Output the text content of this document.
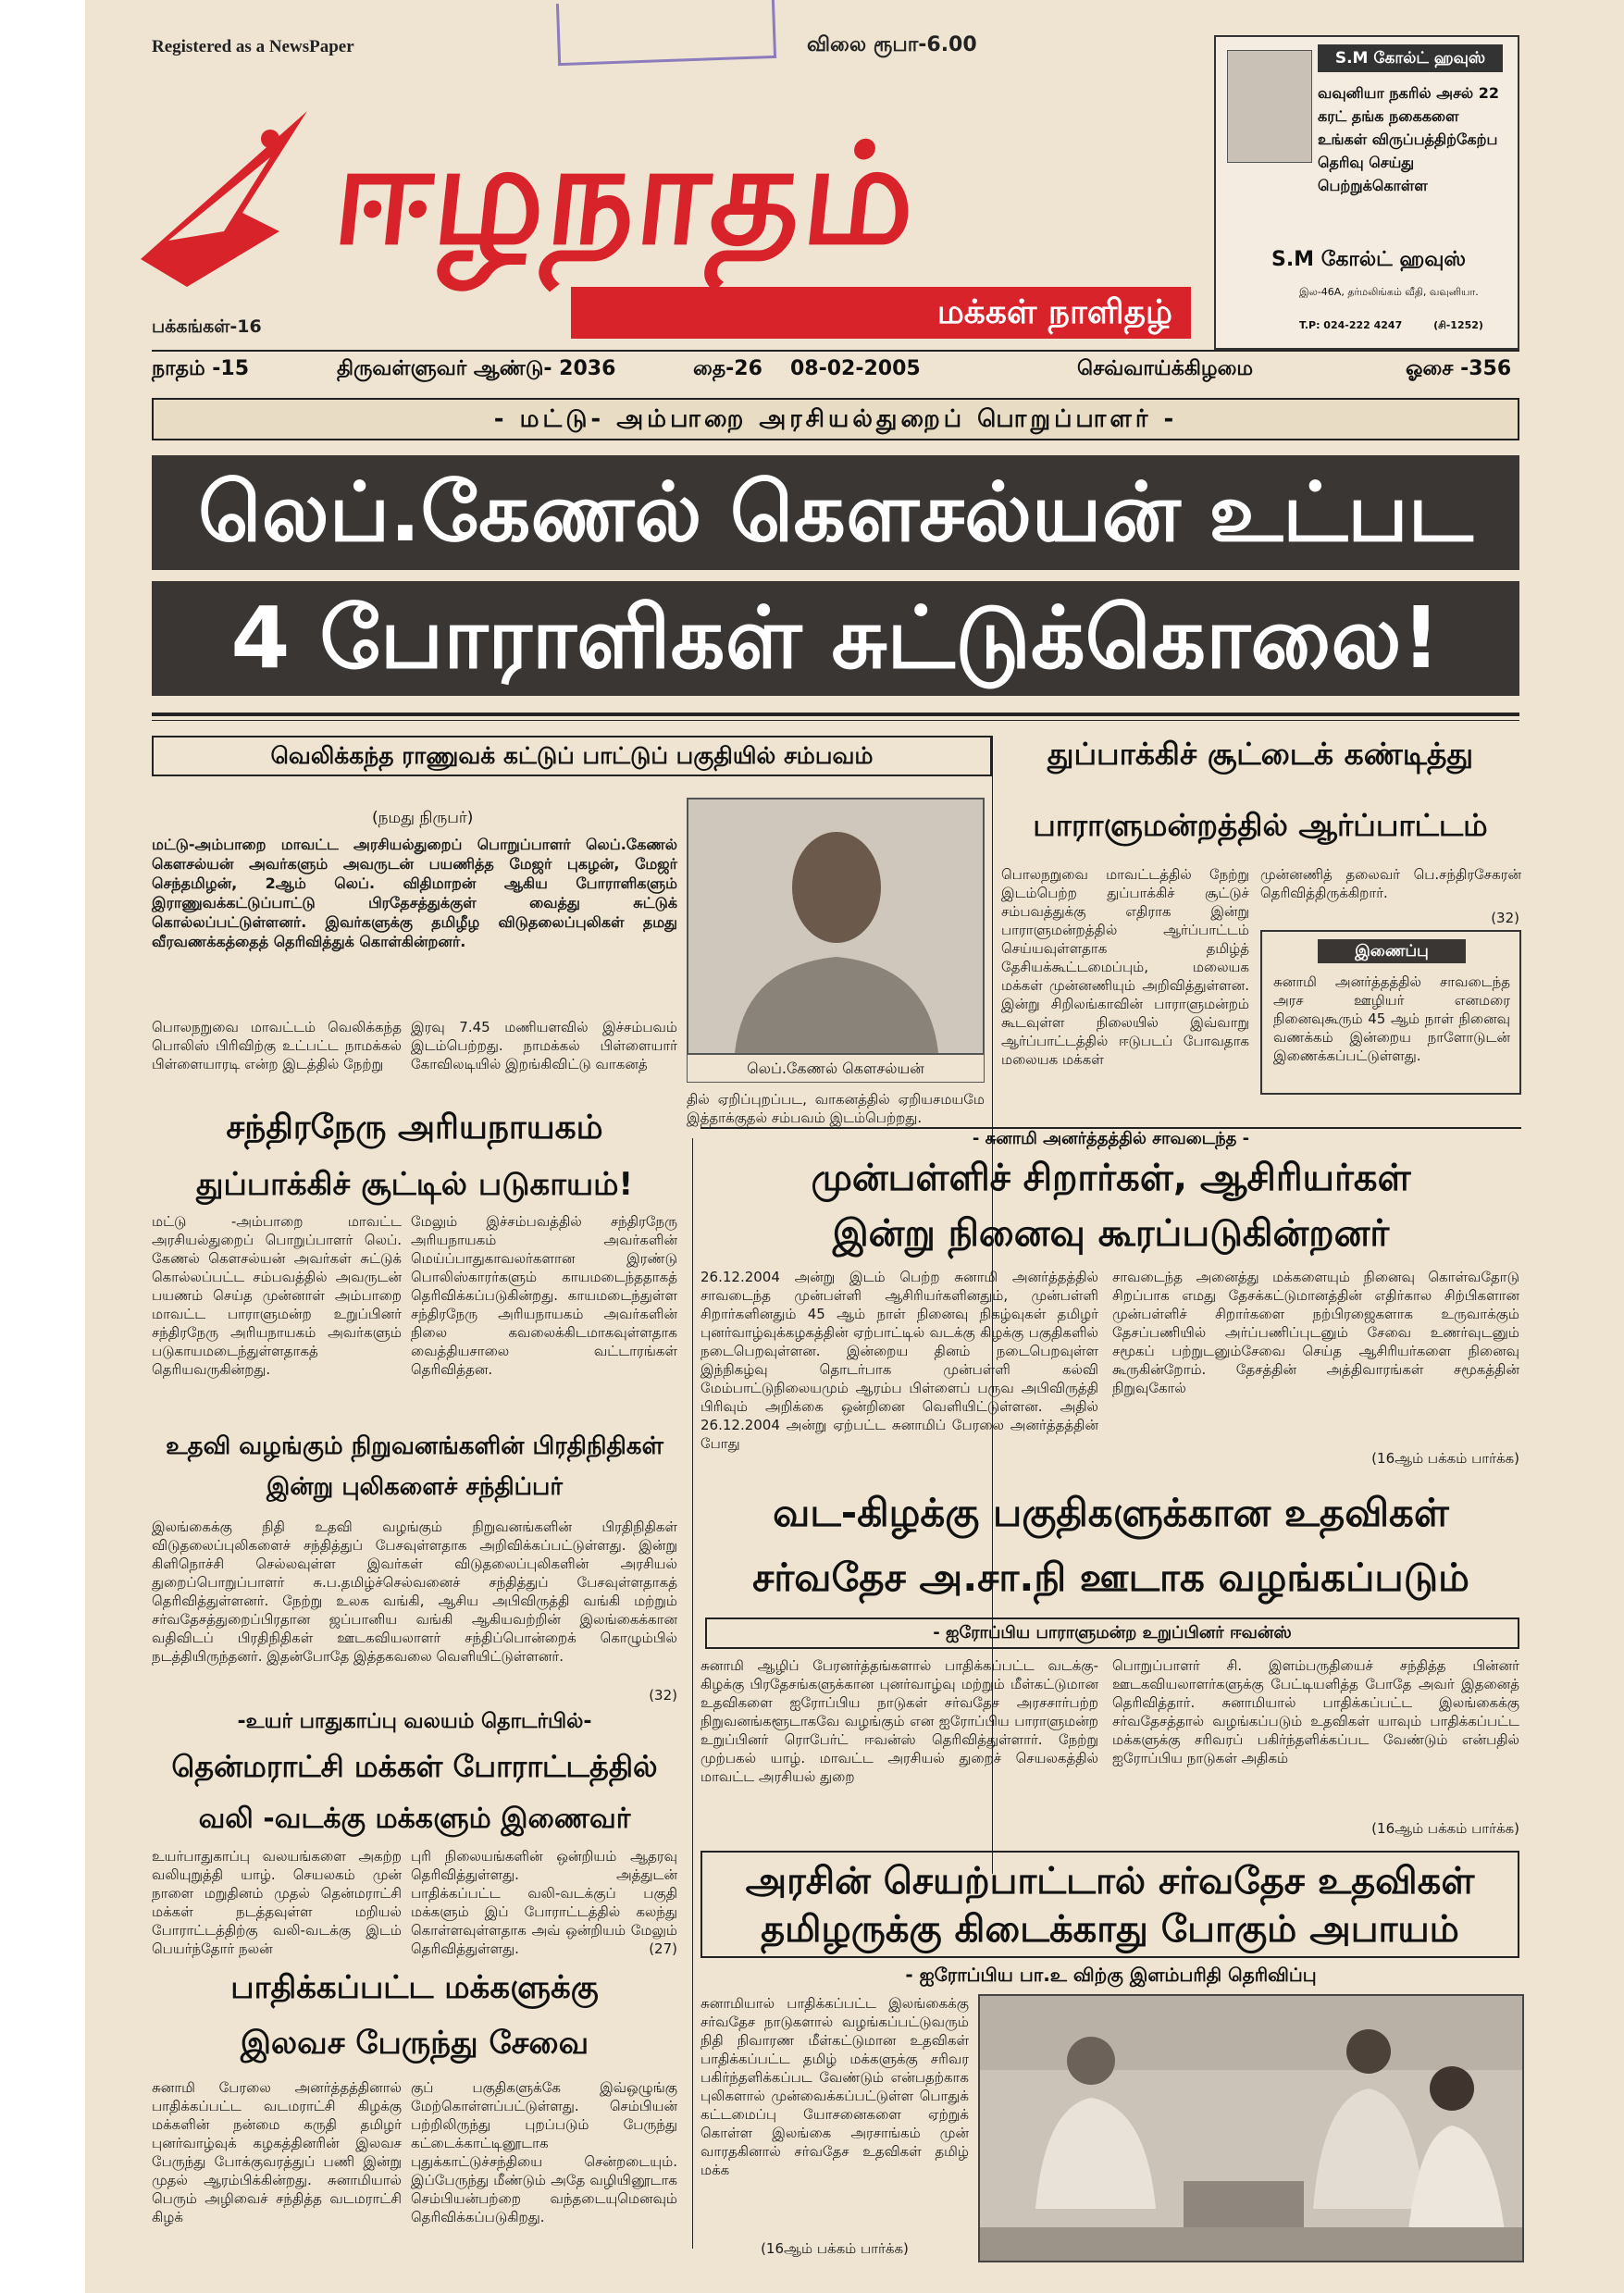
Registered as a NewsPaper	விலை ரூபா-6.00
ஈழநாதம்
மக்கள் நாளிதழ்
பக்கங்கள்-16
S.M கோல்ட் ஹவுஸ்
வவுனியா நகரில் அசல் 22 கரட் தங்க நகைகளை உங்கள் விருப்பத்திற்கேற்ப தெரிவு செய்து பெற்றுக்கொள்ள
S.M கோல்ட் ஹவுஸ்
இல-46A, தர்மலிங்கம் வீதி, வவுனியா.
T.P: 024-222 4247	(சி-1252)
நாதம் -15	திருவள்ளுவர் ஆண்டு- 2036	தை-26 08-02-2005	செவ்வாய்க்கிழமை	ஓசை -356
- மட்டு- அம்பாறை அரசியல்துறைப் பொறுப்பாளர் -
லெப்.கேணல் கௌசல்யன் உட்பட
4 போராளிகள் சுட்டுக்கொலை!
வெலிக்கந்த ராணுவக் கட்டுப் பாட்டுப் பகுதியில் சம்பவம்
(நமது நிருபர்)
மட்டு-அம்பாறை மாவட்ட அரசியல்துறைப் பொறுப்பாளர் லெப்.கேணல் கௌசல்யன் அவர்களும் அவருடன் பயணித்த மேஜர் புகழன், மேஜர் செந்தமிழன், 2ஆம் லெப். விதிமாறன் ஆகிய போராளிகளும் இராணுவக்கட்டுப்பாட்டு பிரதேசத்துக்குள் வைத்து சுட்டுக் கொல்லப்பட்டுள்ளனர். இவர்களுக்கு தமிழீழ விடுதலைப்புலிகள் தமது வீரவணக்கத்தைத் தெரிவித்துக் கொள்கின்றனர்.
பொலநறுவை மாவட்டம் வெலிக்கந்த பொலிஸ் பிரிவிற்கு உட்பட்ட நாமக்கல் பிள்ளையாரடி என்ற இடத்தில் நேற்று
இரவு 7.45 மணியளவில் இச்சம்பவம் இடம்பெற்றது. நாமக்கல் பிள்ளையார் கோவிலடியில் இறங்கிவிட்டு வாகனத்	லெப்.கேணல் கௌசல்யன்
தில் ஏறிப்புறப்பட, வாகனத்தில் ஏறியசமயமே இத்தாக்குதல் சம்பவம் இடம்பெற்றது.
துப்பாக்கிச் சூட்டைக் கண்டித்து
பாராளுமன்றத்தில் ஆர்ப்பாட்டம்
பொலநறுவை மாவட்டத்தில் நேற்று இடம்பெற்ற துப்பாக்கிச் சூட்டுச் சம்பவத்துக்கு எதிராக இன்று பாராளுமன்றத்தில் ஆர்ப்பாட்டம் செய்யவுள்ளதாக தமிழ்த் தேசியக்கூட்டமைப்பும், மலையக மக்கள் முன்னணியும் அறிவித்துள்ளன. இன்று சிறிலங்காவின் பாராளுமன்றம் கூடவுள்ள நிலையில் இவ்வாறு ஆர்ப்பாட்டத்தில் ஈடுபடப் போவதாக மலையக மக்கள்
முன்னணித் தலைவர் பெ.சந்திரசேகரன் தெரிவித்திருக்கிறார்.
(32)
இணைப்பு
சுனாமி அனர்த்தத்தில் சாவடைந்த அரச ஊழியர் எனமரை நினைவுகூரும் 45 ஆம் நாள் நினைவு வணக்கம் இன்றைய நாளோடுடன் இணைக்கப்பட்டுள்ளது.
சந்திரநேரு அரியநாயகம்
துப்பாக்கிச் சூட்டில் படுகாயம்!
மட்டு -அம்பாறை மாவட்ட அரசியல்துறைப் பொறுப்பாளர் லெப். கேணல் கௌசல்யன் அவர்கள் சுட்டுக் கொல்லப்பட்ட சம்பவத்தில் அவருடன் பயணம் செய்த முன்னாள் அம்பாறை மாவட்ட பாராளுமன்ற உறுப்பினர் சந்திரநேரு அரியநாயகம் அவர்களும் படுகாயமடைந்துள்ளதாகத் தெரியவருகின்றது.
மேலும் இச்சம்பவத்தில் சந்திரநேரு அரியநாயகம் அவர்களின் மெய்ப்பாதுகாவலர்களான இரண்டு பொலிஸ்காரர்களும் காயமடைந்ததாகத் தெரிவிக்கப்படுகின்றது. காயமடைந்துள்ள சந்திரநேரு அரியநாயகம் அவர்களின் நிலை கவலைக்கிடமாகவுள்ளதாக வைத்தியசாலை வட்டாரங்கள் தெரிவித்தன.
உதவி வழங்கும் நிறுவனங்களின் பிரதிநிதிகள்
இன்று புலிகளைச் சந்திப்பர்
இலங்கைக்கு நிதி உதவி வழங்கும் நிறுவனங்களின் பிரதிநிதிகள் விடுதலைப்புலிகளைச் சந்தித்துப் பேசவுள்ளதாக அறிவிக்கப்பட்டுள்ளது. இன்று கிளிநொச்சி செல்லவுள்ள இவர்கள் விடுதலைப்புலிகளின் அரசியல் துறைப்பொறுப்பாளர் சு.ப.தமிழ்ச்செல்வனைச் சந்தித்துப் பேசவுள்ளதாகத் தெரிவித்துள்ளனர். நேற்று உலக வங்கி, ஆசிய அபிவிருத்தி வங்கி மற்றும் சர்வதேசத்துறைப்பிரதான ஜப்பானிய வங்கி ஆகியவற்றின் இலங்கைக்கான வதிவிடப் பிரதிநிதிகள் ஊடகவியலாளர் சந்திப்பொன்றைக் கொழும்பில் நடத்தியிருந்தனர். இதன்போதே இத்தகவலை வெளியிட்டுள்ளனர்.
(32)
-உயர் பாதுகாப்பு வலயம் தொடர்பில்-
தென்மராட்சி மக்கள் போராட்டத்தில்
வலி -வடக்கு மக்களும் இணைவர்
உயர்பாதுகாப்பு வலயங்களை அகற்ற வலியுறுத்தி யாழ். செயலகம் முன் நாளை மறுதினம் முதல் தென்மராட்சி மக்கள் நடத்தவுள்ள மறியல் போராட்டத்திற்கு வலி-வடக்கு இடம் பெயர்ந்தோர் நலன்
புரி நிலையங்களின் ஒன்றியம் ஆதரவு தெரிவித்துள்ளது. அத்துடன் பாதிக்கப்பட்ட வலி-வடக்குப் பகுதி மக்களும் இப் போராட்டத்தில் கலந்து கொள்ளவுள்ளதாக அவ் ஒன்றியம் மேலும் தெரிவித்துள்ளது.	(27)
பாதிக்கப்பட்ட மக்களுக்கு
இலவச பேருந்து சேவை
சுனாமி பேரலை அனர்த்தத்தினால் பாதிக்கப்பட்ட வடமராட்சி கிழக்கு மக்களின் நன்மை கருதி தமிழர் புனர்வாழ்வுக் கழகத்தினரின் இலவச பேருந்து போக்குவரத்துப் பணி இன்று முதல் ஆரம்பிக்கின்றது. சுனாமியால் பெரும் அழிவைச் சந்தித்த வடமராட்சி கிழக்
குப் பகுதிகளுக்கே இவ்ஒழுங்கு மேற்கொள்ளப்பட்டுள்ளது. செம்பியன் பற்றிலிருந்து புறப்படும் பேருந்து கட்டைக்காட்டினூடாக புதுக்காட்டுச்சந்தியை சென்றடையும். இப்பேருந்து மீண்டும் அதே வழியினூடாக செம்பியன்பற்றை வந்தடையுமெனவும் தெரிவிக்கப்படுகிறது.
- சுனாமி அனர்த்தத்தில் சாவடைந்த -
முன்பள்ளிச் சிறார்கள், ஆசிரியர்கள்
இன்று நினைவு கூரப்படுகின்றனர்
26.12.2004 அன்று இடம் பெற்ற சுனாமி அனர்த்தத்தில் சாவடைந்த முன்பள்ளி ஆசிரியர்களினதும், முன்பள்ளி சிறார்களினதும் 45 ஆம் நாள் நினைவு நிகழ்வுகள் தமிழர் புனர்வாழ்வுக்கழகத்தின் ஏற்பாட்டில் வடக்கு கிழக்கு பகுதிகளில் நடைபெறவுள்ளன. இன்றைய தினம் நடைபெறவுள்ள இந்நிகழ்வு தொடர்பாக முன்பள்ளி கல்வி மேம்பாட்டுநிலையமும் ஆரம்ப பிள்ளைப் பருவ அபிவிருத்தி பிரிவும் அறிக்கை ஒன்றினை வெளியிட்டுள்ளன. அதில் 26.12.2004 அன்று ஏற்பட்ட சுனாமிப் பேரலை அனர்த்தத்தின் போது
சாவடைந்த அனைத்து மக்களையும் நினைவு கொள்வதோடு சிறப்பாக எமது தேசக்கட்டுமானத்தின் எதிர்கால சிற்பிகளான முன்பள்ளிச் சிறார்களை நற்பிரஜைகளாக உருவாக்கும் தேசப்பணியில் அர்ப்பணிப்புடனும் சேவை உணர்வுடனும் சமூகப் பற்றுடனும்சேவை செய்த ஆசிரியர்களை நினைவு கூருகின்றோம். தேசத்தின் அத்திவாரங்கள் சமூகத்தின் நிறுவுகோல்
(16ஆம் பக்கம் பார்க்க)
வட-கிழக்கு பகுதிகளுக்கான உதவிகள்
சர்வதேச அ.சா.நி ஊடாக வழங்கப்படும்
- ஐரோப்பிய பாராளுமன்ற உறுப்பினர் ஈவன்ஸ்
சுனாமி ஆழிப் பேரனர்த்தங்களால் பாதிக்கப்பட்ட வடக்கு- கிழக்கு பிரதேசங்களுக்கான புனர்வாழ்வு மற்றும் மீள்கட்டுமான உதவிகளை ஐரோப்பிய நாடுகள் சர்வதேச அரசசார்பற்ற நிறுவனங்களூடாகவே வழங்கும் என ஐரோப்பிய பாராளுமன்ற உறுப்பினர் ரொபேர்ட் ஈவன்ஸ் தெரிவித்துள்ளார். நேற்று முற்பகல் யாழ். மாவட்ட அரசியல் துறைச் செயலகத்தில் மாவட்ட அரசியல் துறை
பொறுப்பாளர் சி. இளம்பருதியைச் சந்தித்த பின்னர் ஊடகவியலாளர்களுக்கு பேட்டியளித்த போதே அவர் இதனைத் தெரிவித்தார். சுனாமியால் பாதிக்கப்பட்ட இலங்கைக்கு சர்வதேசத்தால் வழங்கப்படும் உதவிகள் யாவும் பாதிக்கப்பட்ட மக்களுக்கு சரிவரப் பகிர்ந்தளிக்கப்பட வேண்டும் என்பதில் ஐரோப்பிய நாடுகள் அதிகம்
(16ஆம் பக்கம் பார்க்க)
அரசின் செயற்பாட்டால் சர்வதேச உதவிகள்
தமிழருக்கு கிடைக்காது போகும் அபாயம்
- ஐரோப்பிய பா.உ விற்கு இளம்பரிதி தெரிவிப்பு
சுனாமியால் பாதிக்கப்பட்ட இலங்கைக்கு சர்வதேச நாடுகளால் வழங்கப்பட்டுவரும் நிதி நிவாரண மீள்கட்டுமான உதவிகள் பாதிக்கப்பட்ட தமிழ் மக்களுக்கு சரிவர பகிர்ந்தளிக்கப்பட வேண்டும் என்பதற்காக புலிகளால் முன்வைக்கப்பட்டுள்ள பொதுக் கட்டமைப்பு யோசனைகளை ஏற்றுக் கொள்ள இலங்கை அரசாங்கம் முன் வாரதகினால் சர்வதேச உதவிகள் தமிழ் மக்க
(16ஆம் பக்கம் பார்க்க)
